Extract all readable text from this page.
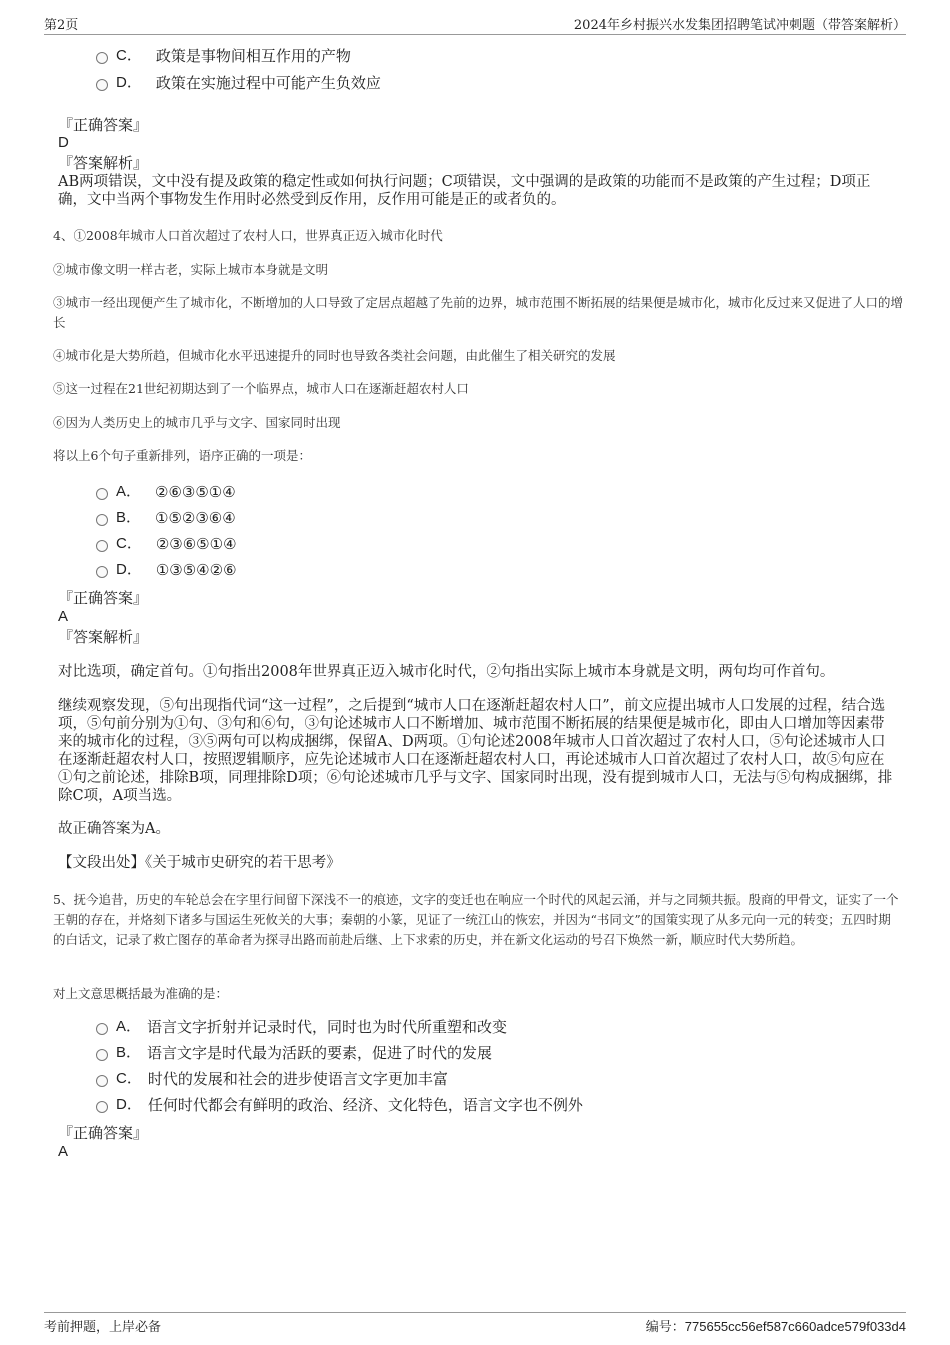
第2页	2024年乡村振兴水发集团招聘笔试冲刺题（带答案解析）
C． 政策是事物间相互作用的产物
D． 政策在实施过程中可能产生负效应
『正确答案』
D
『答案解析』
AB两项错误，文中没有提及政策的稳定性或如何执行问题；C项错误，文中强调的是政策的功能而不是政策的产生过程；D项正确，文中当两个事物发生作用时必然受到反作用，反作用可能是正的或者负的。
4、①2008年城市人口首次超过了农村人口，世界真正迈入城市化时代
②城市像文明一样古老，实际上城市本身就是文明
③城市一经出现便产生了城市化，不断增加的人口导致了定居点超越了先前的边界，城市范围不断拓展的结果便是城市化，城市化反过来又促进了人口的增长
④城市化是大势所趋，但城市化水平迅速提升的同时也导致各类社会问题，由此催生了相关研究的发展
⑤这一过程在21世纪初期达到了一个临界点，城市人口在逐渐赶超农村人口
⑥因为人类历史上的城市几乎与文字、国家同时出现
将以上6个句子重新排列，语序正确的一项是：
A． ②⑥③⑤①④
B． ①⑤②③⑥④
C． ②③⑥⑤①④
D． ①③⑤④②⑥
『正确答案』
A
『答案解析』
对比选项，确定首句。①句指出2008年世界真正迈入城市化时代，②句指出实际上城市本身就是文明，两句均可作首句。
继续观察发现，⑤句出现指代词“这一过程”，之后提到“城市人口在逐渐赶超农村人口”，前文应提出城市人口发展的过程，结合选项，⑤句前分别为①句、③句和⑥句，③句论述城市人口不断增加、城市范围不断拓展的结果便是城市化，即由人口增加等因素带来的城市化的过程，③⑤两句可以构成捆绑，保留A、D两项。①句论述2008年城市人口首次超过了农村人口，⑤句论述城市人口在逐渐赶超农村人口，按照逻辑顺序，应先论述城市人口在逐渐赶超农村人口，再论述城市人口首次超过了农村人口，故⑤句应在①句之前论述，排除B项，同理排除D项；⑥句论述城市几乎与文字、国家同时出现，没有提到城市人口，无法与⑤句构成捆绑，排除C项，A项当选。
故正确答案为A。
【文段出处】《关于城市史研究的若干思考》
5、抚今追昔，历史的车轮总会在字里行间留下深浅不一的痕迹，文字的变迁也在响应一个时代的风起云涌，并与之同频共振。殷商的甲骨文，证实了一个王朝的存在，并烙刻下诸多与国运生死攸关的大事；秦朝的小篆，见证了一统江山的恢宏，并因为“书同文”的国策实现了从多元向一元的转变；五四时期的白话文，记录了救亡图存的革命者为探寻出路而前赴后继、上下求索的历史，并在新文化运动的号召下焕然一新，顺应时代大势所趋。
对上文意思概括最为准确的是：
A． 语言文字折射并记录时代，同时也为时代所重塑和改变
B． 语言文字是时代最为活跃的要素，促进了时代的发展
C． 时代的发展和社会的进步使语言文字更加丰富
D． 任何时代都会有鲜明的政治、经济、文化特色，语言文字也不例外
『正确答案』
A
考前押题，上岸必备	编号：775655cc56ef587c660adce579f033d4
